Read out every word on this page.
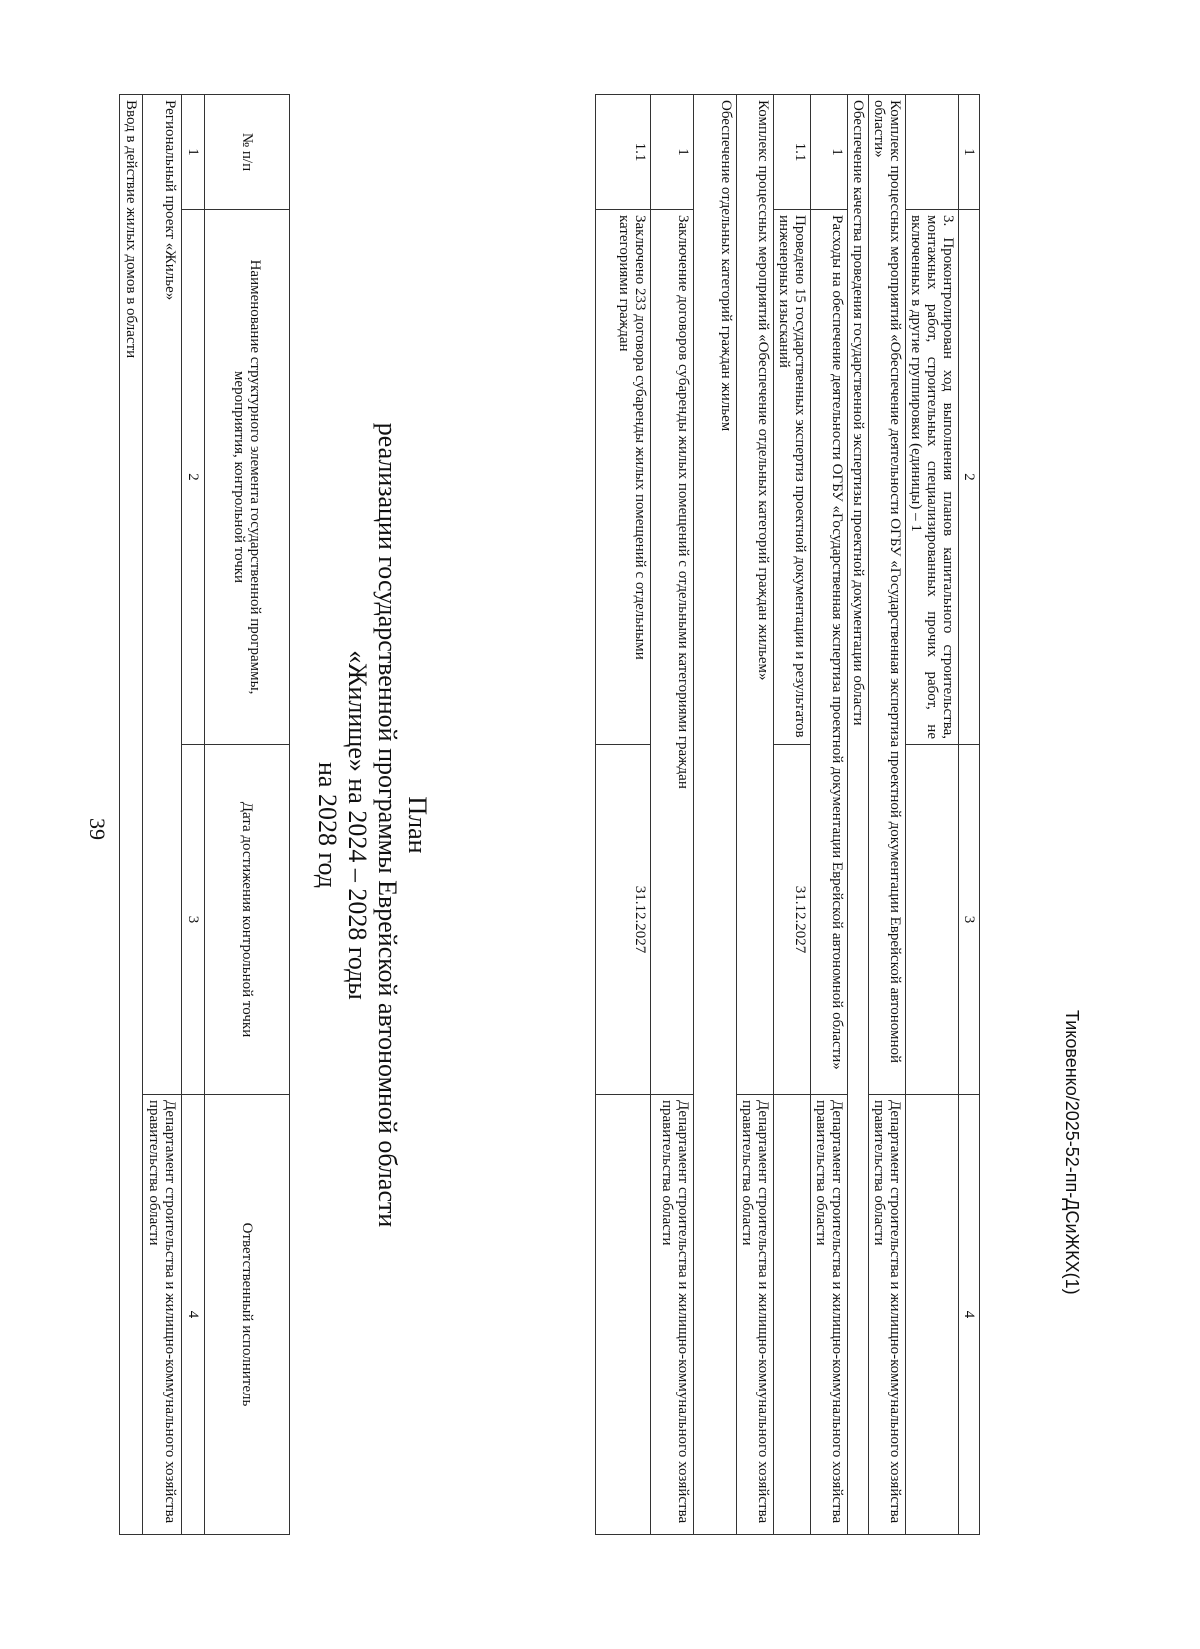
39
Тиковенко/2025-52-пп-ДСиЖКХ(1)
1	2	3	4
	3. Проконтролирован ход выполнения планов капитального строительства, монтажных работ, строительных специализированных прочих работ, не включенных в другие группировки (единицы) – 1		
Комплекс процессных мероприятий «Обеспечение деятельности ОГБУ «Государственная экспертиза проектной документации Еврейской автономной области»			Департамент строительства и жилищно-коммунального хозяйства правительства области
Обеспечение качества проведения государственной экспертизы проектной документации области			
1	Расходы на обеспечение деятельности ОГБУ «Государственная экспертиза проектной документации Еврейской автономной области»		Департамент строительства и жилищно-коммунального хозяйства правительства области
1.1	Проведено 15 государственных экспертиз проектной документации и результатов инженерных изысканий	31.12.2027	
Комплекс процессных мероприятий «Обеспечение отдельных категорий граждан жильем»			Департамент строительства и жилищно-коммунального хозяйства правительства области
Обеспечение отдельных категорий граждан жильем			
1	Заключение договоров субаренды жилых помещений с отдельными категориями граждан		Департамент строительства и жилищно-коммунального хозяйства правительства области
1.1	Заключено 233 договора субаренды жилых помещений с отдельными категориями граждан	31.12.2027	
План
реализации государственной программы Еврейской автономной области
«Жилище» на 2024 – 2028 годы
на 2028 год
№ п/п	Наименование структурного элемента государственной программы, мероприятия, контрольной точки	Дата достижения контрольной точки	Ответственный исполнитель
1	2	3	4
Региональный проект «Жилье»			Департамент строительства и жилищно-коммунального хозяйства правительства области
Ввод в действие жилых домов в области			
